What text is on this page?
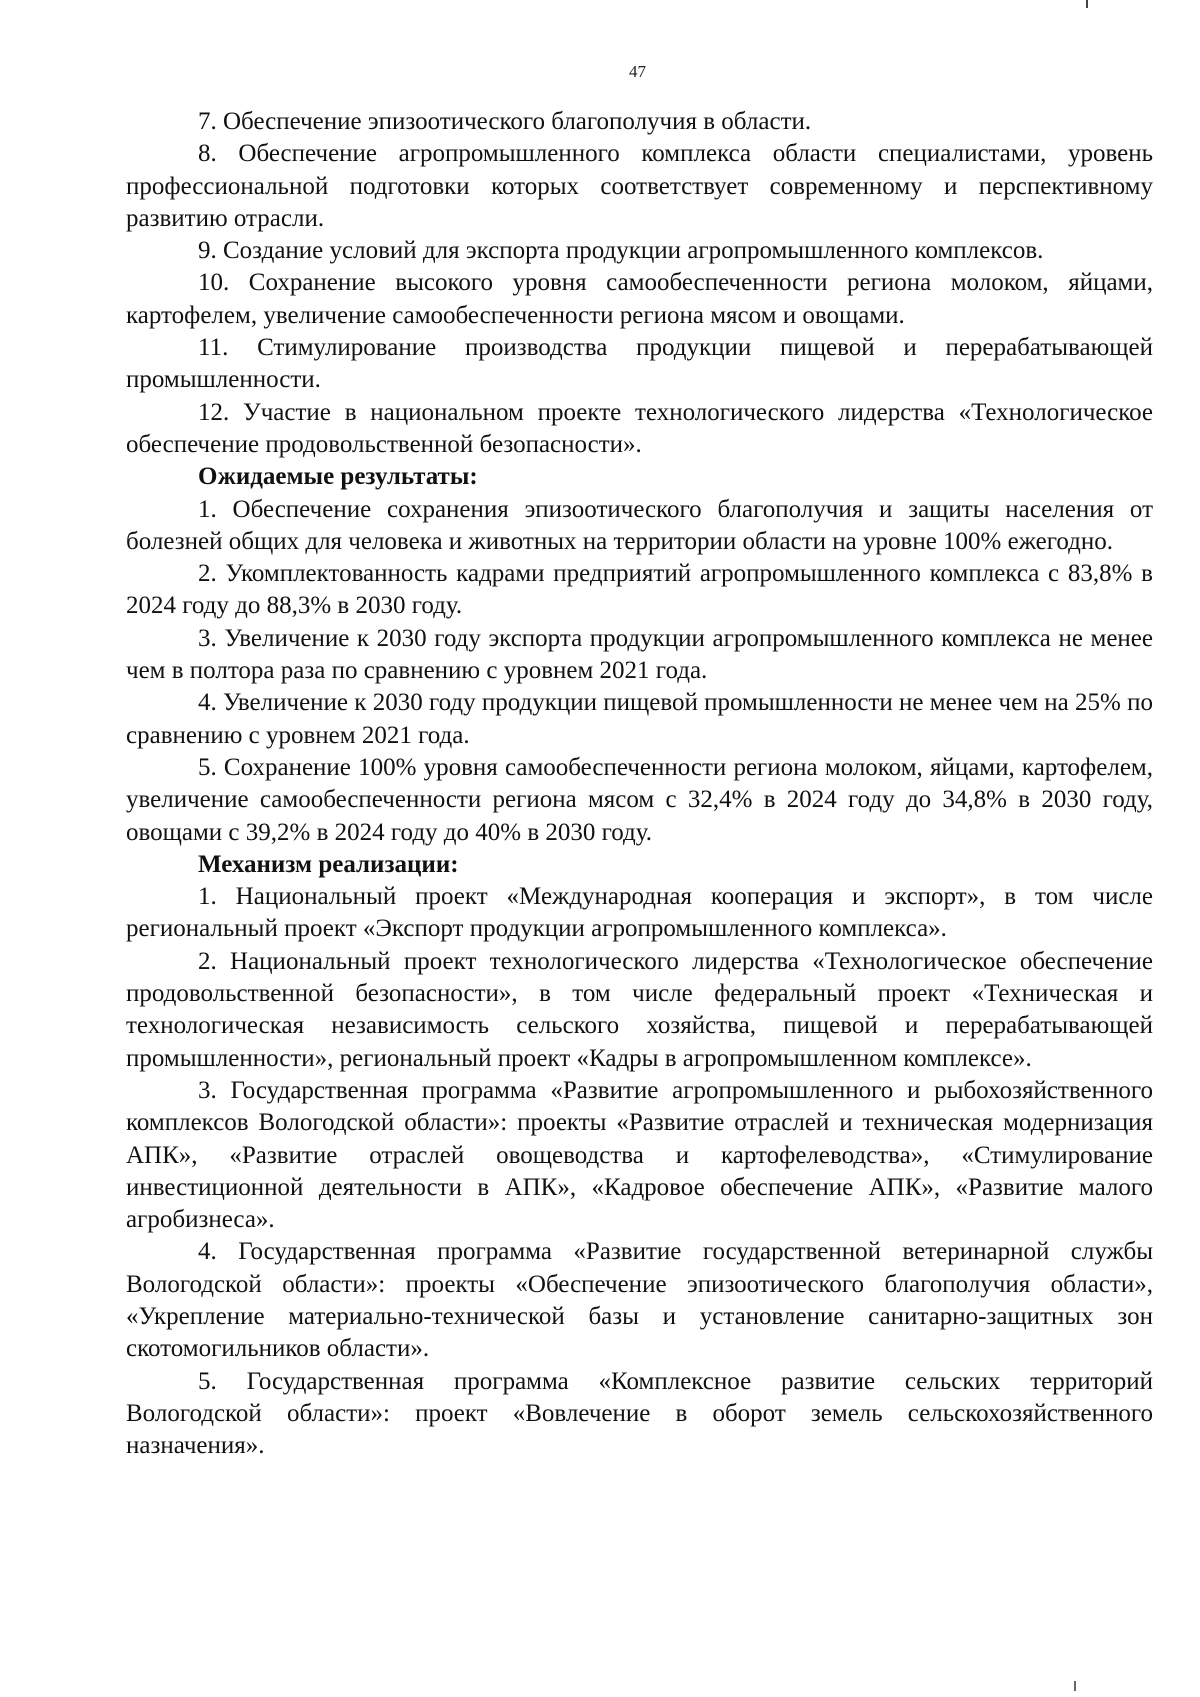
47

7. Обеспечение эпизоотического благополучия в области.

8. Обеспечение агропромышленного комплекса области специалистами, уровень профессиональной подготовки которых соответствует современному и перспективному развитию отрасли.

9. Создание условий для экспорта продукции агропромышленного комплексов.

10. Сохранение высокого уровня самообеспеченности региона молоком, яйцами, картофелем, увеличение самообеспеченности региона мясом и овощами.

11. Стимулирование производства продукции пищевой и перерабатывающей промышленности.

12. Участие в национальном проекте технологического лидерства «Технологическое обеспечение продовольственной безопасности».

Ожидаемые результаты:

1. Обеспечение сохранения эпизоотического благополучия и защиты населения от болезней общих для человека и животных на территории области на уровне 100% ежегодно.

2. Укомплектованность кадрами предприятий агропромышленного комплекса с 83,8% в 2024 году до 88,3% в 2030 году.

3. Увеличение к 2030 году экспорта продукции агропромышленного комплекса не менее чем в полтора раза по сравнению с уровнем 2021 года.

4. Увеличение к 2030 году продукции пищевой промышленности не менее чем на 25% по сравнению с уровнем 2021 года.

5. Сохранение 100% уровня самообеспеченности региона молоком, яйцами, картофелем, увеличение самообеспеченности региона мясом с 32,4% в 2024 году до 34,8% в 2030 году, овощами с 39,2% в 2024 году до 40% в 2030 году.

Механизм реализации:

1. Национальный проект «Международная кооперация и экспорт», в том числе региональный проект «Экспорт продукции агропромышленного комплекса».

2. Национальный проект технологического лидерства «Технологическое обеспечение продовольственной безопасности», в том числе федеральный проект «Техническая и технологическая независимость сельского хозяйства, пищевой и перерабатывающей промышленности», региональный проект «Кадры в агропромышленном комплексе».

3. Государственная программа «Развитие агропромышленного и рыбохозяйственного комплексов Вологодской области»: проекты «Развитие отраслей и техническая модернизация АПК», «Развитие отраслей овощеводства и картофелеводства», «Стимулирование инвестиционной деятельности в АПК», «Кадровое обеспечение АПК», «Развитие малого агробизнеса».

4. Государственная программа «Развитие государственной ветеринарной службы Вологодской области»: проекты «Обеспечение эпизоотического благополучия области», «Укрепление материально-технической базы и установление санитарно-защитных зон скотомогильников области».

5. Государственная программа «Комплексное развитие сельских территорий Вологодской области»: проект «Вовлечение в оборот земель сельскохозяйственного назначения».
